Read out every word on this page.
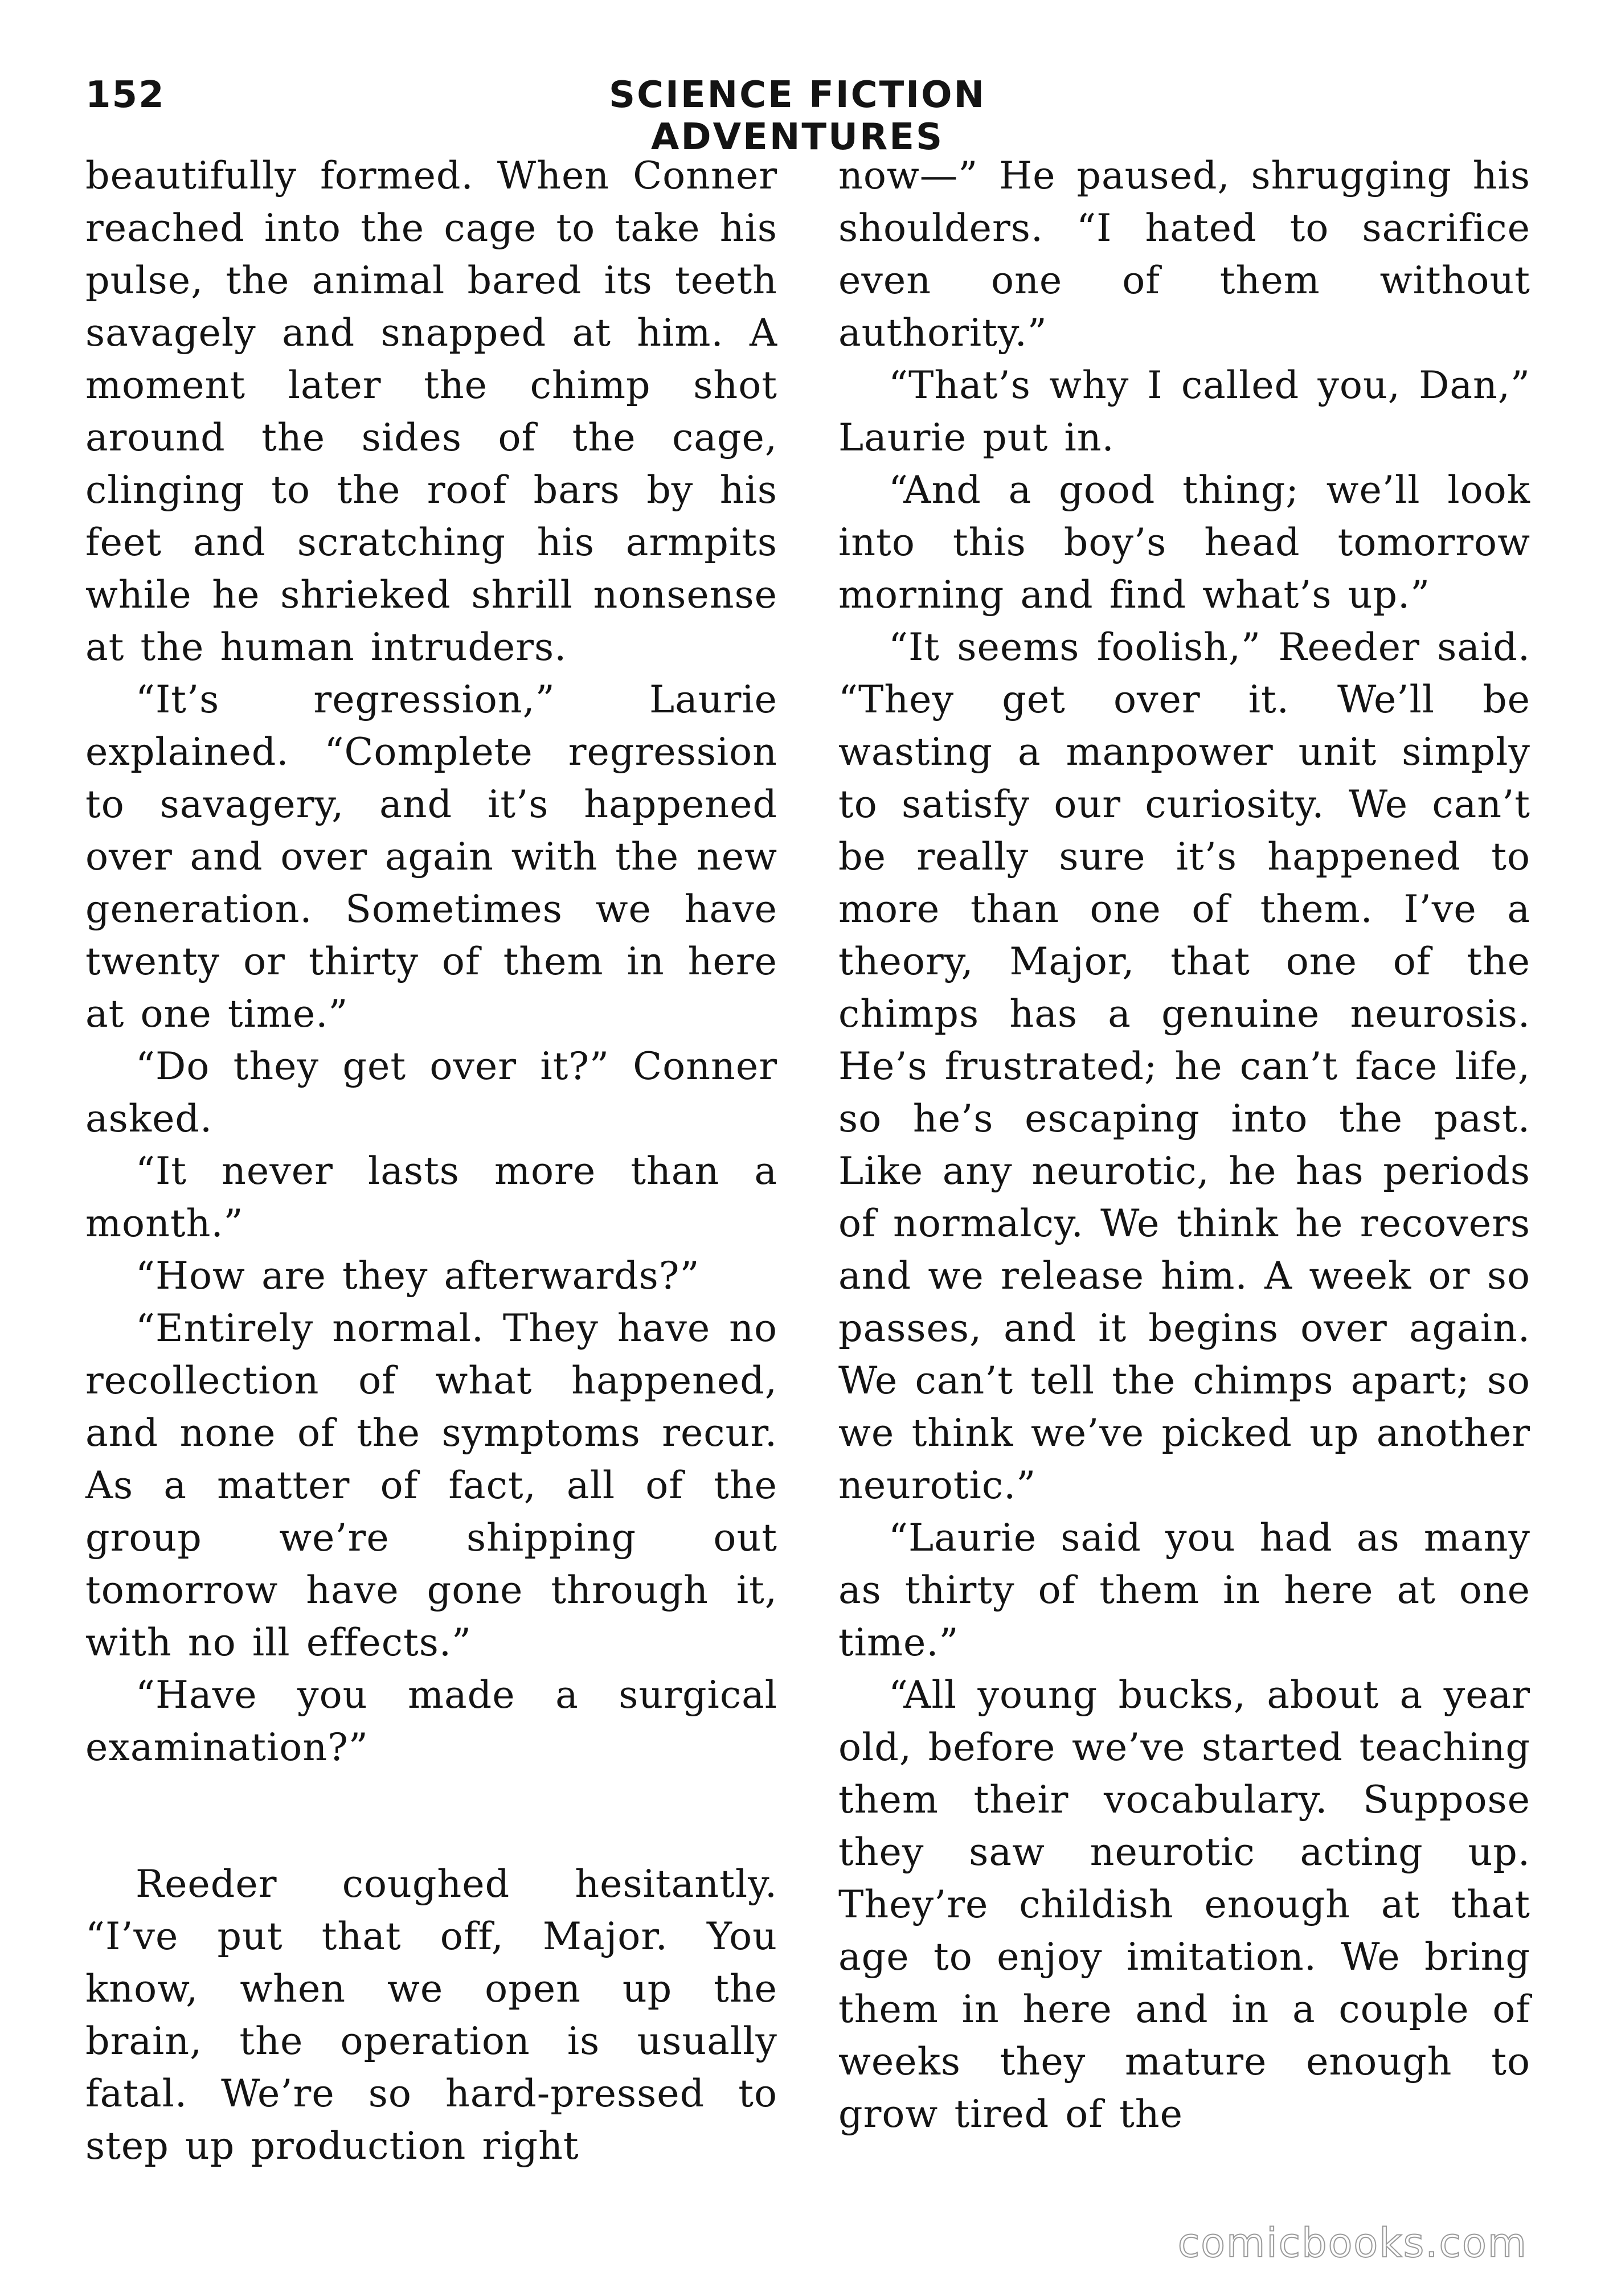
152	SCIENCE FICTION ADVENTURES

beautifully formed. When Conner reached into the cage to take his pulse, the animal bared its teeth savagely and snapped at him. A moment later the chimp shot around the sides of the cage, clinging to the roof bars by his feet and scratching his armpits while he shrieked shrill nonsense at the human intruders.

“It’s regression,” Laurie explained. “Complete regression to savagery, and it’s happened over and over again with the new generation. Sometimes we have twenty or thirty of them in here at one time.”

“Do they get over it?” Conner asked.

“It never lasts more than a month.”

“How are they afterwards?”

“Entirely normal. They have no recollection of what happened, and none of the symptoms recur. As a matter of fact, all of the group we’re shipping out tomorrow have gone through it, with no ill effects.”

“Have you made a surgical examination?”

Reeder coughed hesitantly. “I’ve put that off, Major. You know, when we open up the brain, the operation is usually fatal. We’re so hard-pressed to step up production right

now—” He paused, shrugging his shoulders. “I hated to sacrifice even one of them without authority.”

“That’s why I called you, Dan,” Laurie put in.

“And a good thing; we’ll look into this boy’s head tomorrow morning and find what’s up.”

“It seems foolish,” Reeder said. “They get over it. We’ll be wasting a manpower unit simply to satisfy our curiosity. We can’t be really sure it’s happened to more than one of them. I’ve a theory, Major, that one of the chimps has a genuine neurosis. He’s frustrated; he can’t face life, so he’s escaping into the past. Like any neurotic, he has periods of normalcy. We think he recovers and we release him. A week or so passes, and it begins over again. We can’t tell the chimps apart; so we think we’ve picked up another neurotic.”

“Laurie said you had as many as thirty of them in here at one time.”

“All young bucks, about a year old, before we’ve started teaching them their vocabulary. Suppose they saw neurotic acting up. They’re childish enough at that age to enjoy imitation. We bring them in here and in a couple of weeks they mature enough to grow tired of the

comicbooks.com
